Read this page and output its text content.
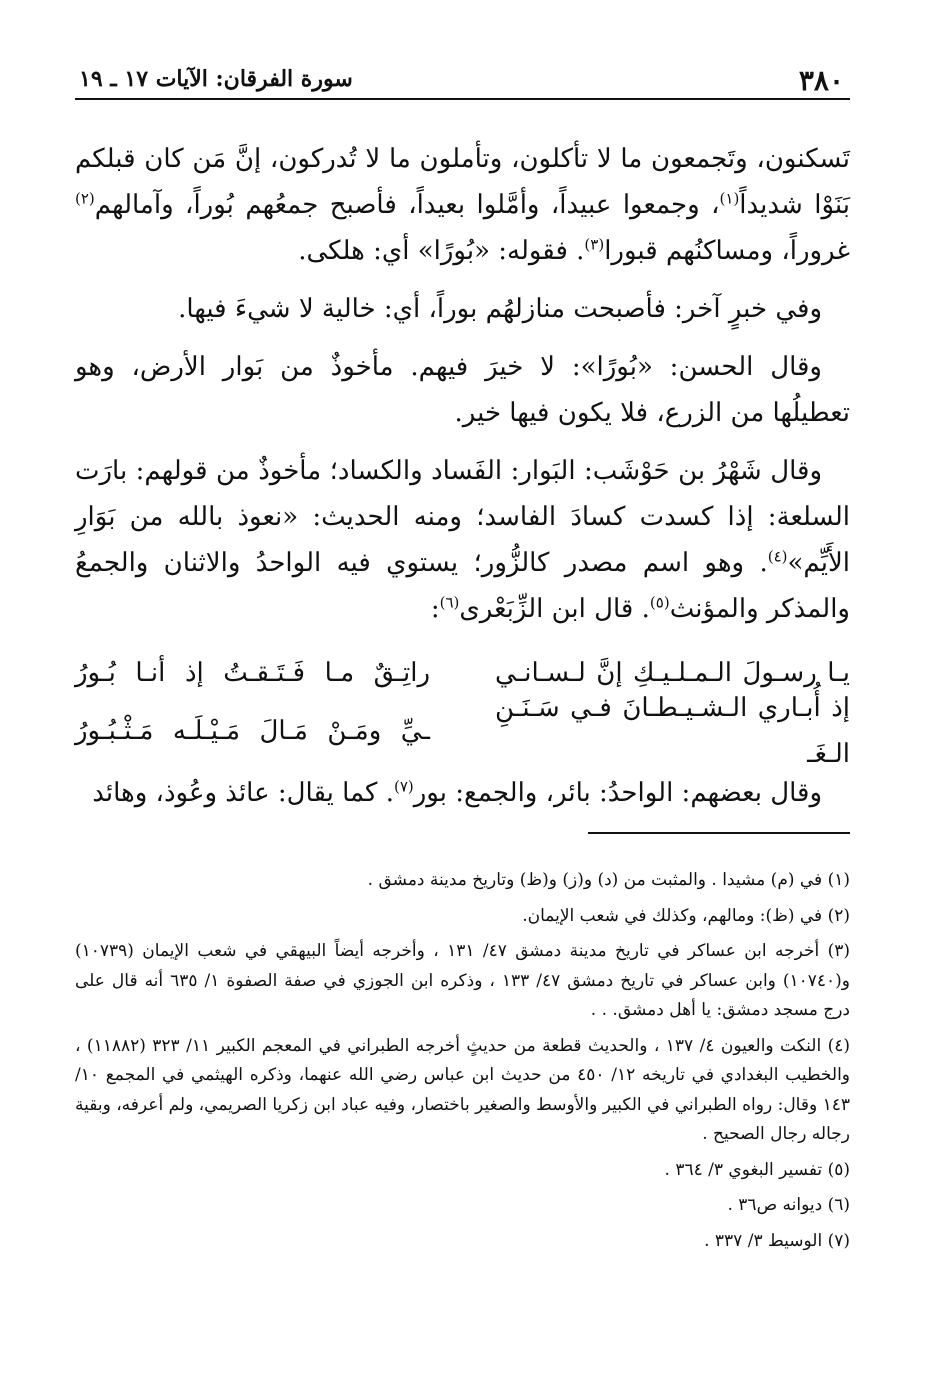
٣٨٠
سورة الفرقان: الآيات ١٧ ـ ١٩

تَسكنون، وتَجمعون ما لا تأكلون، وتأملون ما لا تُدركون، إنَّ مَن كان قبلكم بَنَوْا شديداً$^{(١)}$، وجمعوا عبيداً، وأمَّلوا بعيداً، فأصبح جمعُهم بُوراً، وآمالهم$^{(٢)}$ غروراً، ومساكنُهم قبورا$^{(٣)}$. فقوله: «بُورًا» أي: هلكى.

وفي خبرٍ آخر: فأصبحت منازلهُم بوراً، أي: خالية لا شيءَ فيها.

وقال الحسن: «بُورًا»: لا خيرَ فيهم. مأخوذٌ من بَوار الأرض، وهو تعطيلُها من الزرع، فلا يكون فيها خير.

وقال شَهْرُ بن حَوْشَب: البَوار: الفَساد والكساد؛ مأخوذٌ من قولهم: بارَت السلعة: إذا كسدت كسادَ الفاسد؛ ومنه الحديث: «نعوذ بالله من بَوَارِ الأَيِّم»$^{(٤)}$. وهو اسم مصدر كالزُّور؛ يستوي فيه الواحدُ والاثنان والجمعُ والمذكر والمؤنث$^{(٥)}$. قال ابن الزِّبَعْرى$^{(٦)}$:

يـا رسـولَ الـمـلـيـكِ إنَّ لـسـانـي
راتِـقٌ مـا فَـتَـقـتُ إذ أنـا بُـورُ
إذ أُبـاري الـشـيـطـانَ فـي سَـنَـنِ الـغَـ
ـيِّ ومَـنْ مَـالَ مَـيْـلَـه مَـثْـبُـورُ

وقال بعضهم: الواحدُ: بائر، والجمع: بور$^{(٧)}$. كما يقال: عائذ وعُوذ، وهائد

(١) في (م) مشيدا . والمثبت من (د) و(ز) و(ظ) وتاريخ مدينة دمشق .

(٢) في (ظ): ومالهم، وكذلك في شعب الإيمان.

(٣) أخرجه ابن عساكر في تاريخ مدينة دمشق ٤٧/ ١٣١ ، وأخرجه أيضاً البيهقي في شعب الإيمان (١٠٧٣٩) و(١٠٧٤٠) وابن عساكر في تاريخ دمشق ٤٧/ ١٣٣ ، وذكره ابن الجوزي في صفة الصفوة ١/ ٦٣٥ أنه قال على درج مسجد دمشق: يا أهل دمشق. . .

(٤) النكت والعيون ٤/ ١٣٧ ، والحديث قطعة من حديثٍ أخرجه الطبراني في المعجم الكبير ١١/ ٣٢٣ (١١٨٨٢) ، والخطيب البغدادي في تاريخه ١٢/ ٤٥٠ من حديث ابن عباس رضي الله عنهما، وذكره الهيثمي في المجمع ١٠/ ١٤٣ وقال: رواه الطبراني في الكبير والأوسط والصغير باختصار، وفيه عباد ابن زكريا الصريمي، ولم أعرفه، وبقية رجاله رجال الصحيح .

(٥) تفسير البغوي ٣/ ٣٦٤ .

(٦) ديوانه ص٣٦ .

(٧) الوسيط ٣/ ٣٣٧ .
